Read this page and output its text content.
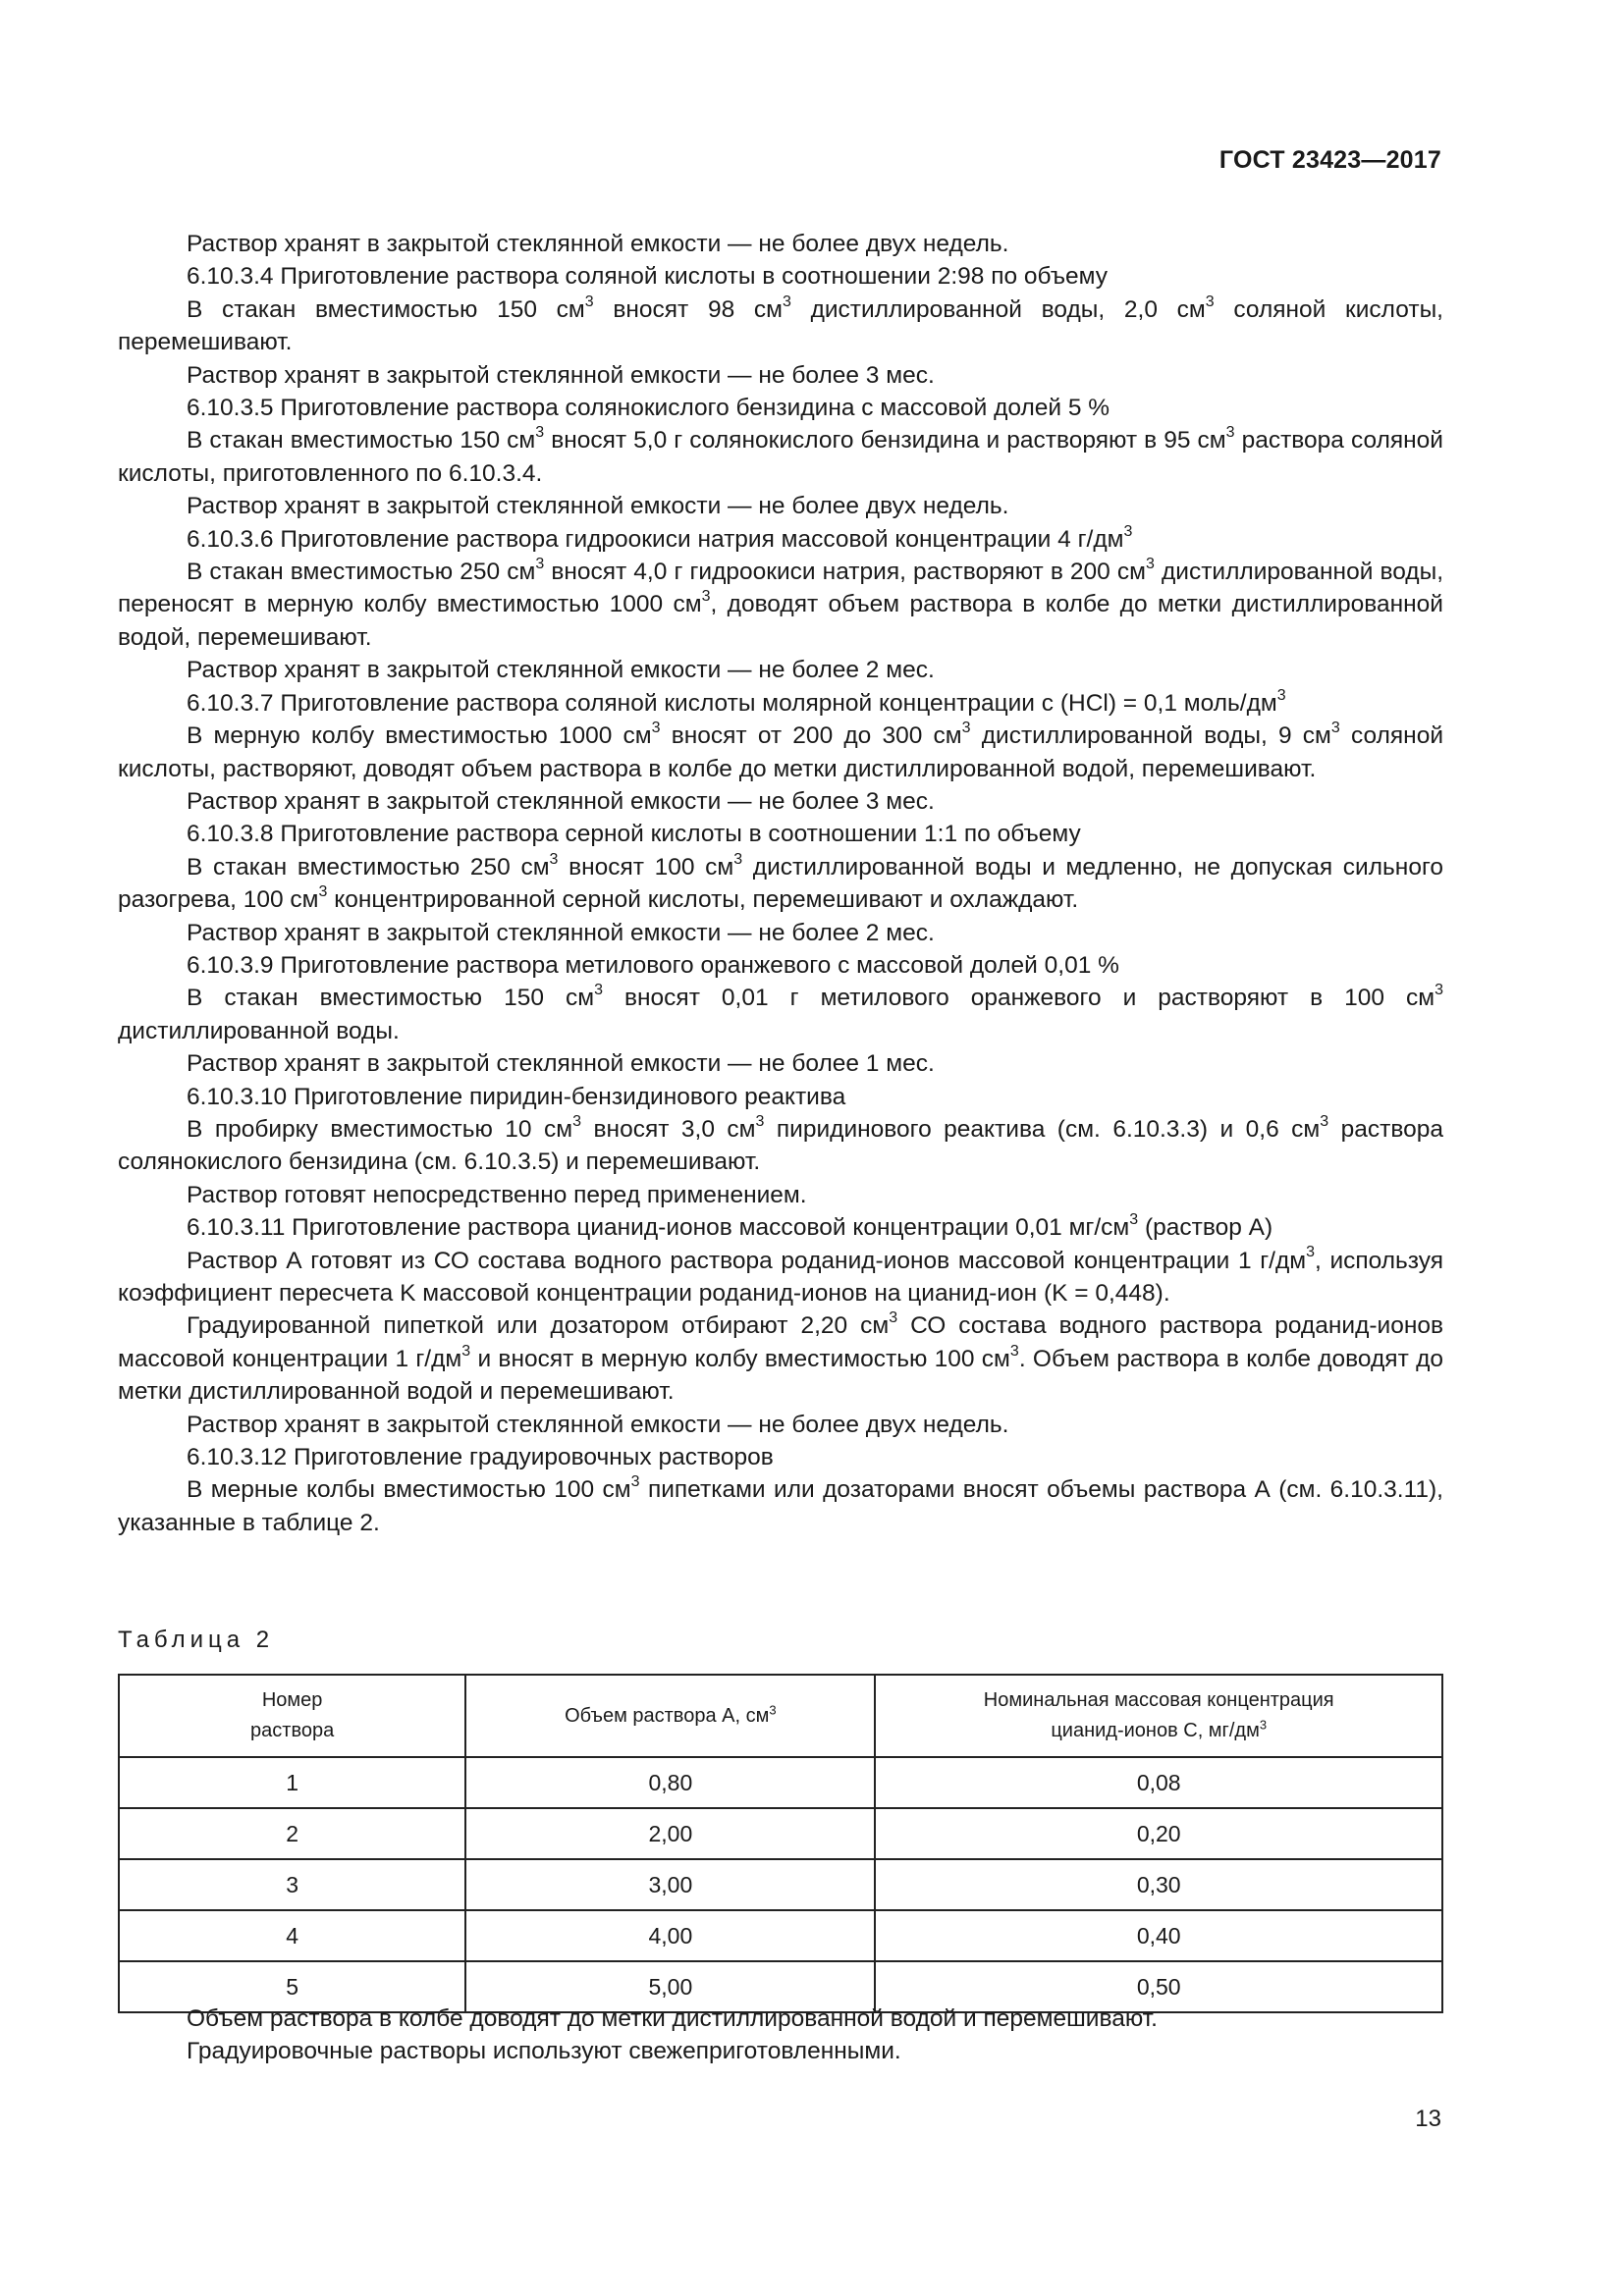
ГОСТ 23423—2017

Раствор хранят в закрытой стеклянной емкости — не более двух недель.

6.10.3.4 Приготовление раствора соляной кислоты в соотношении 2:98 по объему

В стакан вместимостью 150 $см^3$ вносят 98 $см^3$ дистиллированной воды, 2,0 $см^3$ соляной кислоты, перемешивают.

Раствор хранят в закрытой стеклянной емкости — не более 3 мес.

6.10.3.5 Приготовление раствора солянокислого бензидина с массовой долей 5 %

В стакан вместимостью 150 $см^3$ вносят 5,0 г солянокислого бензидина и растворяют в 95 $см^3$ раствора соляной кислоты, приготовленного по 6.10.3.4.

Раствор хранят в закрытой стеклянной емкости — не более двух недель.

6.10.3.6 Приготовление раствора гидроокиси натрия массовой концентрации 4 $г/дм^3$

В стакан вместимостью 250 $см^3$ вносят 4,0 г гидроокиси натрия, растворяют в 200 $см^3$ дистиллированной воды, переносят в мерную колбу вместимостью 1000 $см^3$, доводят объем раствора в колбе до метки дистиллированной водой, перемешивают.

Раствор хранят в закрытой стеклянной емкости — не более 2 мес.

6.10.3.7 Приготовление раствора соляной кислоты молярной концентрации c (HCl) = 0,1 моль/$дм^3$

В мерную колбу вместимостью 1000 $см^3$ вносят от 200 до 300 $см^3$ дистиллированной воды, 9 $см^3$ соляной кислоты, растворяют, доводят объем раствора в колбе до метки дистиллированной водой, перемешивают.

Раствор хранят в закрытой стеклянной емкости — не более 3 мес.

6.10.3.8 Приготовление раствора серной кислоты в соотношении 1:1 по объему

В стакан вместимостью 250 $см^3$ вносят 100 $см^3$ дистиллированной воды и медленно, не допуская сильного разогрева, 100 $см^3$ концентрированной серной кислоты, перемешивают и охлаждают.

Раствор хранят в закрытой стеклянной емкости — не более 2 мес.

6.10.3.9 Приготовление раствора метилового оранжевого с массовой долей 0,01 %

В стакан вместимостью 150 $см^3$ вносят 0,01 г метилового оранжевого и растворяют в 100 $см^3$ дистиллированной воды.

Раствор хранят в закрытой стеклянной емкости — не более 1 мес.

6.10.3.10 Приготовление пиридин-бензидинового реактива

В пробирку вместимостью 10 $см^3$ вносят 3,0 $см^3$ пиридинового реактива (см. 6.10.3.3) и 0,6 $см^3$ раствора солянокислого бензидина (см. 6.10.3.5) и перемешивают.

Раствор готовят непосредственно перед применением.

6.10.3.11 Приготовление раствора цианид-ионов массовой концентрации 0,01 $мг/см^3$ (раствор А)

Раствор А готовят из СО состава водного раствора роданид-ионов массовой концентрации 1 $г/дм^3$, используя коэффициент пересчета K массовой концентрации роданид-ионов на цианид-ион (K = 0,448).

Градуированной пипеткой или дозатором отбирают 2,20 $см^3$ СО состава водного раствора роданид-ионов массовой концентрации 1 $г/дм^3$ и вносят в мерную колбу вместимостью 100 $см^3$. Объем раствора в колбе доводят до метки дистиллированной водой и перемешивают.

Раствор хранят в закрытой стеклянной емкости — не более двух недель.

6.10.3.12 Приготовление градуировочных растворов

В мерные колбы вместимостью 100 $см^3$ пипетками или дозаторами вносят объемы раствора А (см. 6.10.3.11), указанные в таблице 2.

Таблица 2
Номер раствора	Объем раствора А, $см^3$	Номинальная массовая концентрация цианид-ионов C, $мг/дм^3$
1	0,80	0,08
2	2,00	0,20
3	3,00	0,30
4	4,00	0,40
5	5,00	0,50

Объем раствора в колбе доводят до метки дистиллированной водой и перемешивают.

Градуировочные растворы используют свежеприготовленными.

13
